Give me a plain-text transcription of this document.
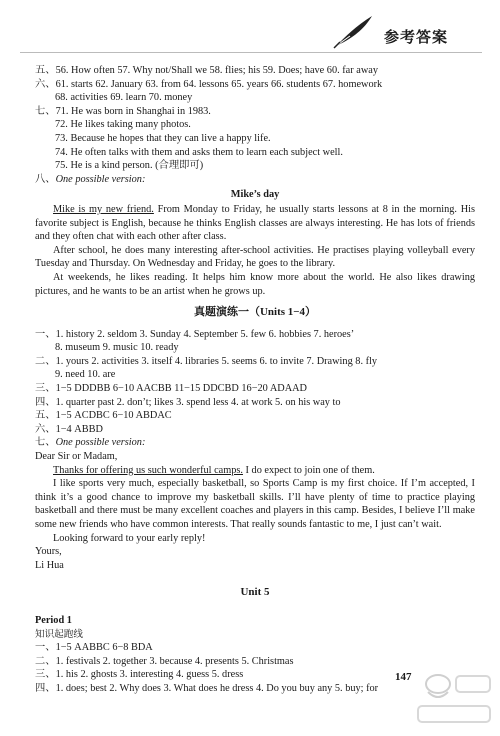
参考答案
五、56. How often 57. Why not/Shall we 58. flies; his 59. Does; have 60. far away
六、61. starts 62. January 63. from 64. lessons 65. years 66. students 67. homework
68. activities 69. learn 70. money
七、71. He was born in Shanghai in 1983.
72. He likes taking many photos.
73. Because he hopes that they can live a happy life.
74. He often talks with them and asks them to learn each subject well.
75. He is a kind person. (合理即可)
八、One possible version:
Mike’s day
Mike is my new friend. From Monday to Friday, he usually starts lessons at 8 in the morning. His favorite subject is English, because he thinks English classes are always interesting. He has lots of friends and they often chat with each other after class.
After school, he does many interesting after-school activities. He practises playing volleyball every Tuesday and Thursday. On Wednesday and Friday, he goes to the library.
At weekends, he likes reading. It helps him know more about the world. He also likes drawing pictures, and he wants to be an artist when he grows up.
真题演练一（Units 1−4）
一、1. history 2. seldom 3. Sunday 4. September 5. few 6. hobbies 7. heroes’
8. museum 9. music 10. ready
二、1. yours 2. activities 3. itself 4. libraries 5. seems 6. to invite 7. Drawing 8. fly
9. need 10. are
三、1−5 DDDBB 6−10 AACBB 11−15 DDCBD 16−20 ADAAD
四、1. quarter past 2. don’t; likes 3. spend less 4. at work 5. on his way to
五、1−5 ACDBC 6−10 ABDAC
六、1−4 ABBD
七、One possible version:
Dear Sir or Madam,
Thanks for offering us such wonderful camps. I do expect to join one of them.
I like sports very much, especially basketball, so Sports Camp is my first choice. If I’m accepted, I think it’s a good chance to improve my basketball skills. I’ll have plenty of time to practice playing basketball and there must be many excellent coaches and players in this camp. Besides, I believe I’ll make some new friends who have common interests. That really sounds fantastic to me, I just can’t wait.
Looking forward to your early reply!
Yours,
Li Hua
Unit 5
Period 1
知识起跑线
一、1−5 AABBC 6−8 BDA
二、1. festivals 2. together 3. because 4. presents 5. Christmas
三、1. his 2. ghosts 3. interesting 4. guess 5. dress
四、1. does; best 2. Why does 3. What does he dress 4. Do you buy any 5. buy; for
147
